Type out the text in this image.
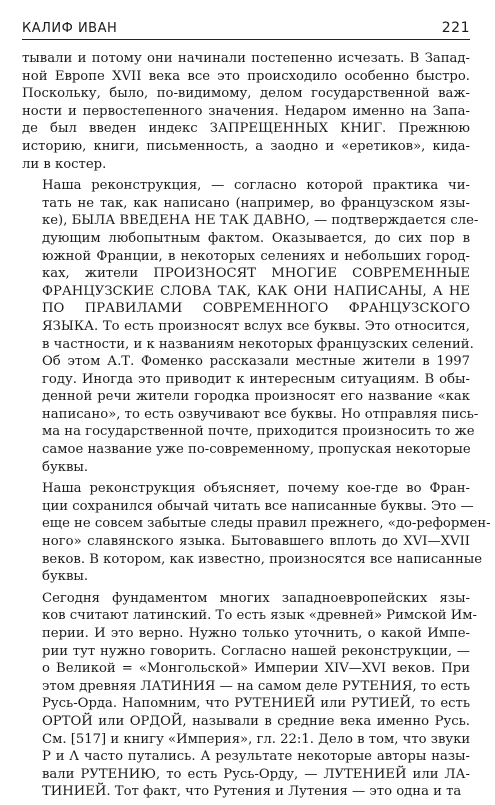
КАЛИФ ИВАН	221
тывали и потому они начинали постепенно исчезать. В Запад-
ной Европе XVII века все это происходило особенно быстро.
Поскольку, было, по-видимому, делом государственной важ-
ности и первостепенного значения. Недаром именно на Запа-
де был введен индекс ЗАПРЕЩЕННЫХ КНИГ. Прежнюю
историю, книги, письменность, а заодно и «еретиков», кида-
ли в костер.
Наша реконструкция, — согласно которой практика чи-
тать не так, как написано (например, во французском язы-
ке), БЫЛА ВВЕДЕНА НЕ ТАК ДАВНО, — подтверждается сле-
дующим любопытным фактом. Оказывается, до сих пор в
южной Франции, в некоторых селениях и небольших город-
ках, жители ПРОИЗНОСЯТ МНОГИЕ СОВРЕМЕННЫЕ
ФРАНЦУЗСКИЕ СЛОВА ТАК, КАК ОНИ НАПИСАНЫ, А НЕ
ПО ПРАВИЛАМИ СОВРЕМЕННОГО ФРАНЦУЗСКОГО
ЯЗЫКА. То есть произносят вслух все буквы. Это относится,
в частности, и к названиям некоторых французских селений.
Об этом А.Т. Фоменко рассказали местные жители в 1997
году. Иногда это приводит к интересным ситуациям. В обы-
денной речи жители городка произносят его название «как
написано», то есть озвучивают все буквы. Но отправляя пись-
ма на государственной почте, приходится произносить то же
самое название уже по-современному, пропуская некоторые
буквы.
Наша реконструкция объясняет, почему кое-где во Фран-
ции сохранился обычай читать все написанные буквы. Это —
еще не совсем забытые следы правил прежнего, «до-реформен-
ного» славянского языка. Бытовавшего вплоть до XVI—XVII
веков. В котором, как известно, произносятся все написанные
буквы.
Сегодня фундаментом многих западноевропейских язы-
ков считают латинский. То есть язык «древней» Римской Им-
перии. И это верно. Нужно только уточнить, о какой Импе-
рии тут нужно говорить. Согласно нашей реконструкции, —
о Великой = «Монгольской» Империи XIV—XVI веков. При
этом древняя ЛАТИНИЯ — на самом деле РУТЕНИЯ, то есть
Русь-Орда. Напомним, что РУТЕНИЕЙ или РУТИЕЙ, то есть
ОРТОЙ или ОРДОЙ, называли в средние века именно Русь.
См. [517] и книгу «Империя», гл. 22:1. Дело в том, что звуки
Р и Λ часто путались. А результате некоторые авторы назы-
вали РУТЕНИЮ, то есть Русь-Орду, — ЛУТЕНИЕЙ или ЛА-
ТИНИЕЙ. Тот факт, что Рутения и Лутения — это одна и та
